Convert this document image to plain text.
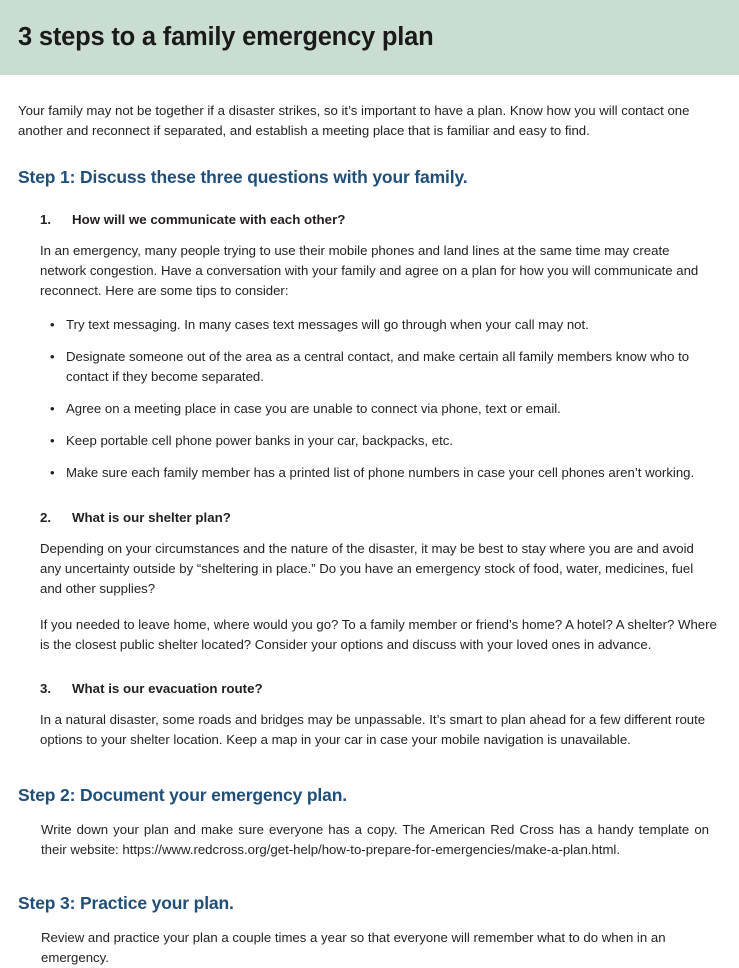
3 steps to a family emergency plan

Your family may not be together if a disaster strikes, so it’s important to have a plan. Know how you will contact one another and reconnect if separated, and establish a meeting place that is familiar and easy to find.

Step 1: Discuss these three questions with your family.
1.	How will we communicate with each other?

In an emergency, many people trying to use their mobile phones and land lines at the same time may create network congestion. Have a conversation with your family and agree on a plan for how you will communicate and reconnect. Here are some tips to consider:

• Try text messaging. In many cases text messages will go through when your call may not.
• Designate someone out of the area as a central contact, and make certain all family members know who to contact if they become separated.
• Agree on a meeting place in case you are unable to connect via phone, text or email.
• Keep portable cell phone power banks in your car, backpacks, etc.
• Make sure each family member has a printed list of phone numbers in case your cell phones aren’t working.
2.	What is our shelter plan?

Depending on your circumstances and the nature of the disaster, it may be best to stay where you are and avoid any uncertainty outside by “sheltering in place.” Do you have an emergency stock of food, water, medicines, fuel and other supplies?

If you needed to leave home, where would you go? To a family member or friend’s home? A hotel? A shelter? Where is the closest public shelter located? Consider your options and discuss with your loved ones in advance.

3.	What is our evacuation route?

In a natural disaster, some roads and bridges may be unpassable. It’s smart to plan ahead for a few different route options to your shelter location. Keep a map in your car in case your mobile navigation is unavailable.

Step 2: Document your emergency plan.

Write down your plan and make sure everyone has a copy. The American Red Cross has a handy template on their website: https://www.redcross.org/get-help/how-to-prepare-for-emergencies/make-a-plan.html.

Step 3: Practice your plan.

Review and practice your plan a couple times a year so that everyone will remember what to do when in an emergency.
